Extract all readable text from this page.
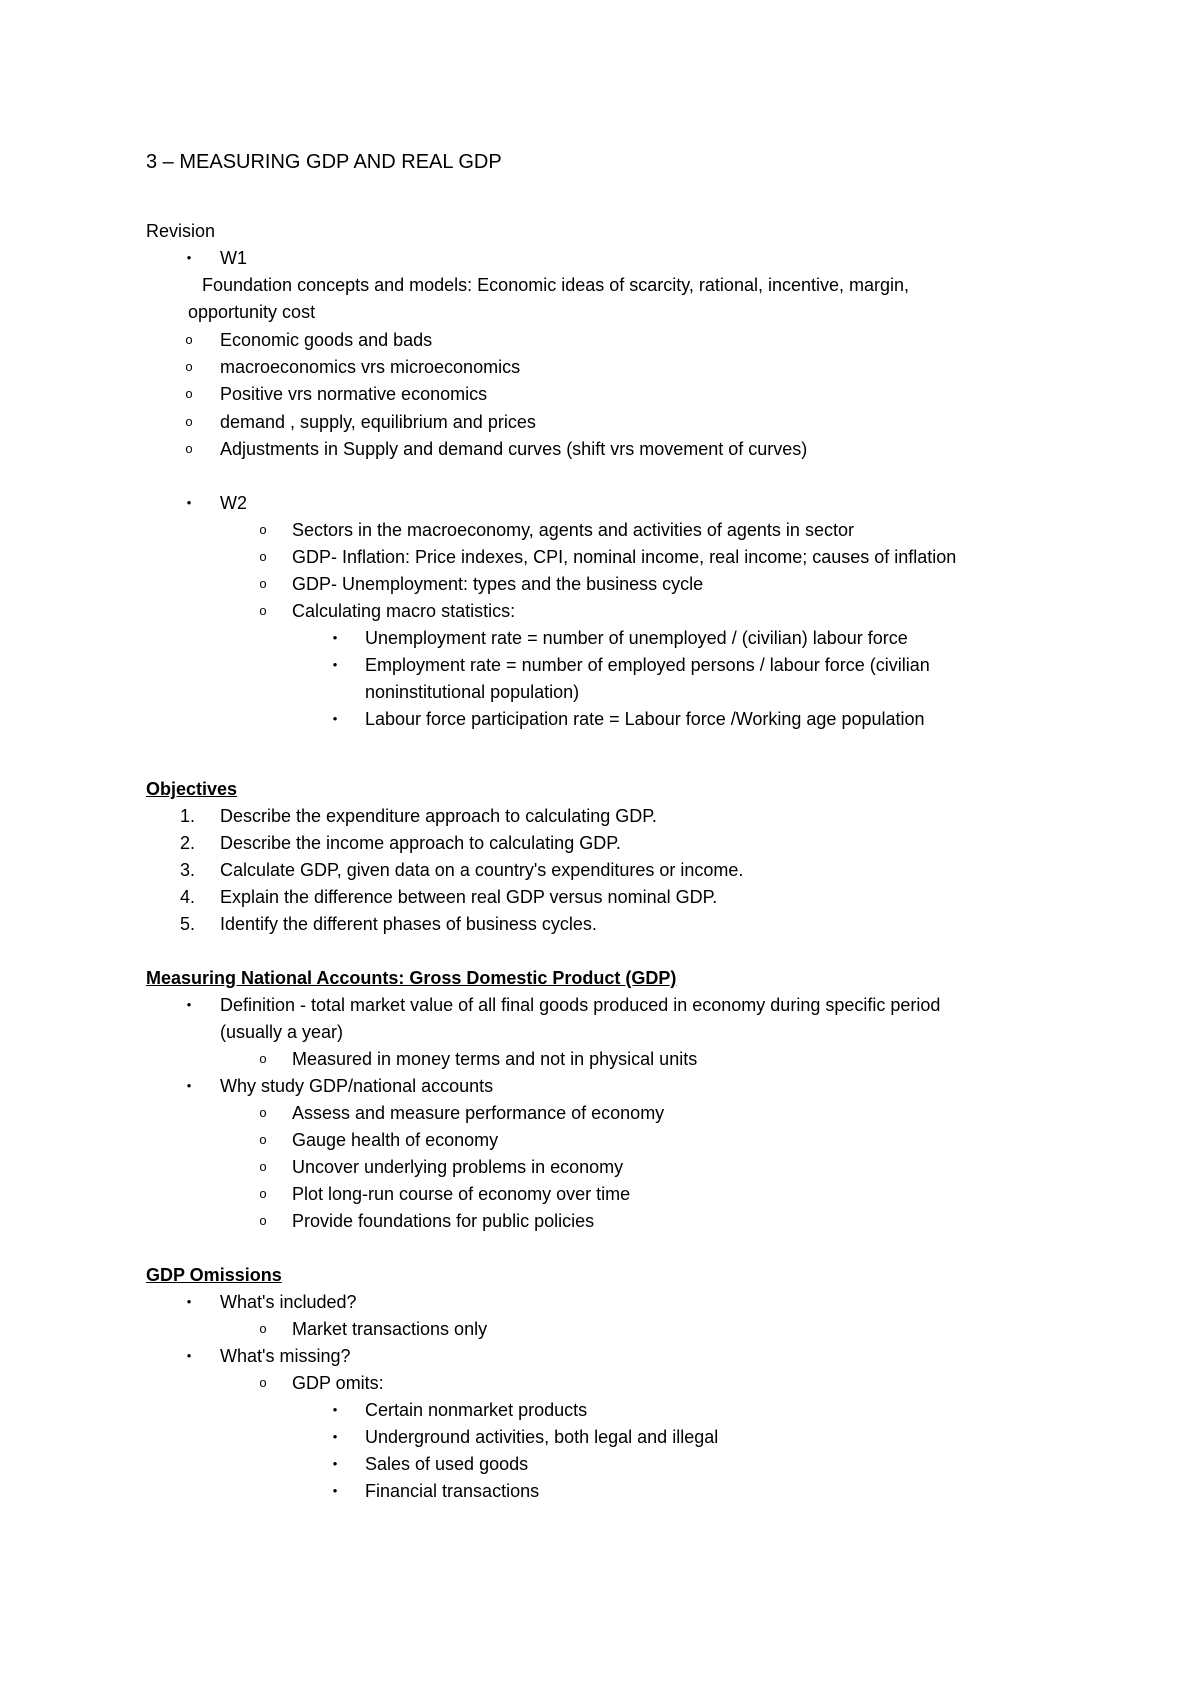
3 – MEASURING GDP AND REAL GDP
Revision
• W1
Foundation concepts and models: Economic ideas of scarcity, rational, incentive, margin,
opportunity cost
o Economic goods and bads
o macroeconomics vrs microeconomics
o Positive vrs normative economics
o demand , supply, equilibrium and prices
o Adjustments in Supply and demand curves (shift vrs movement of curves)
• W2
o Sectors in the macroeconomy, agents and activities of agents in sector
o GDP- Inflation: Price indexes, CPI, nominal income, real income; causes of inflation
o GDP- Unemployment: types and the business cycle
o Calculating macro statistics:
• Unemployment rate = number of unemployed / (civilian) labour force
• Employment rate = number of employed persons / labour force (civilian
noninstitutional population)
• Labour force participation rate = Labour force /Working age population
Objectives
1. Describe the expenditure approach to calculating GDP.
2. Describe the income approach to calculating GDP.
3. Calculate GDP, given data on a country's expenditures or income.
4. Explain the difference between real GDP versus nominal GDP.
5. Identify the different phases of business cycles.
Measuring National Accounts: Gross Domestic Product (GDP)
• Definition - total market value of all final goods produced in economy during specific period
(usually a year)
o Measured in money terms and not in physical units
• Why study GDP/national accounts
o Assess and measure performance of economy
o Gauge health of economy
o Uncover underlying problems in economy
o Plot long-run course of economy over time
o Provide foundations for public policies
GDP Omissions
• What's included?
o Market transactions only
• What's missing?
o GDP omits:
• Certain nonmarket products
• Underground activities, both legal and illegal
• Sales of used goods
• Financial transactions
